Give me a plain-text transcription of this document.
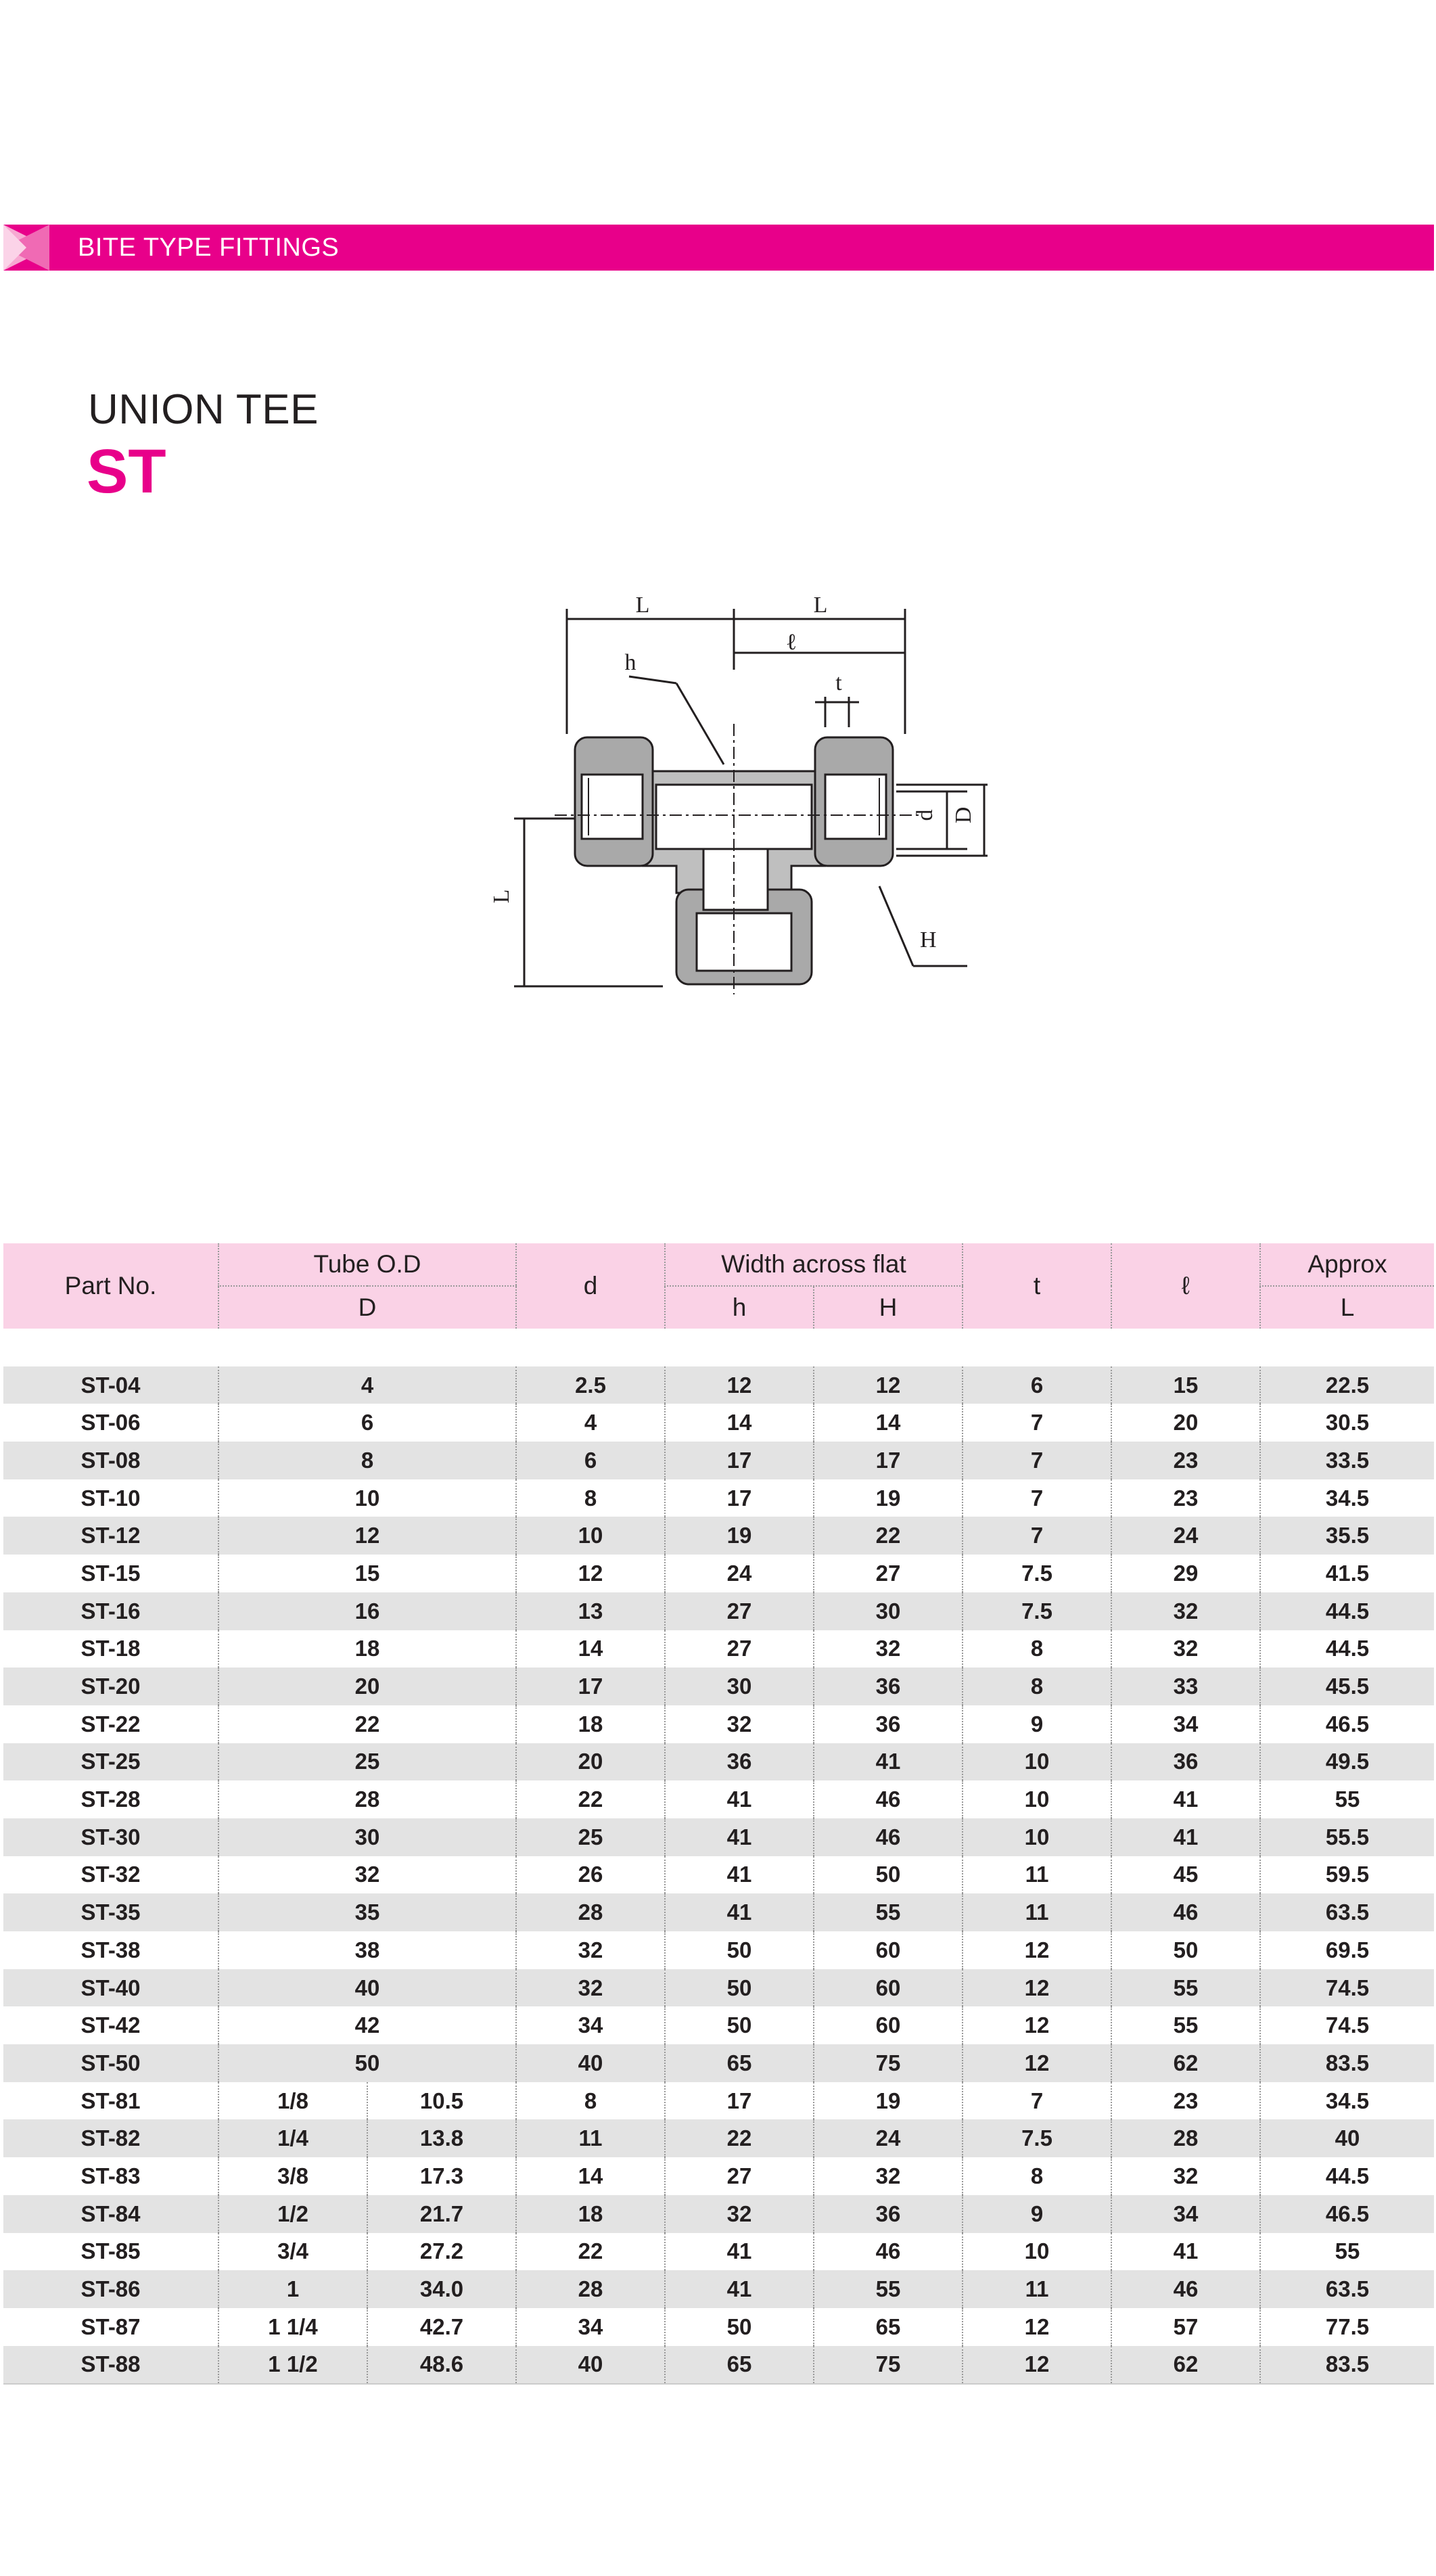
BITE TYPE FITTINGS
UNION TEE
ST
L	L
ℓ
h
t
d D
L
H
Part No.	Tube O.D		d	Width across flat		t	ℓ	Approx
	D			h	H			L

ST-04	4		2.5	12	12	6	15	22.5
ST-06	6		4	14	14	7	20	30.5
ST-08	8		6	17	17	7	23	33.5
ST-10	10		8	17	19	7	23	34.5
ST-12	12		10	19	22	7	24	35.5
ST-15	15		12	24	27	7.5	29	41.5
ST-16	16		13	27	30	7.5	32	44.5
ST-18	18		14	27	32	8	32	44.5
ST-20	20		17	30	36	8	33	45.5
ST-22	22		18	32	36	9	34	46.5
ST-25	25		20	36	41	10	36	49.5
ST-28	28		22	41	46	10	41	55
ST-30	30		25	41	46	10	41	55.5
ST-32	32		26	41	50	11	45	59.5
ST-35	35		28	41	55	11	46	63.5
ST-38	38		32	50	60	12	50	69.5
ST-40	40		32	50	60	12	55	74.5
ST-42	42		34	50	60	12	55	74.5
ST-50	50		40	65	75	12	62	83.5
ST-81	1/8	10.5	8	17	19	7	23	34.5
ST-82	1/4	13.8	11	22	24	7.5	28	40
ST-83	3/8	17.3	14	27	32	8	32	44.5
ST-84	1/2	21.7	18	32	36	9	34	46.5
ST-85	3/4	27.2	22	41	46	10	41	55
ST-86	1	34.0	28	41	55	11	46	63.5
ST-87	1 1/4	42.7	34	50	65	12	57	77.5
ST-88	1 1/2	48.6	40	65	75	12	62	83.5
